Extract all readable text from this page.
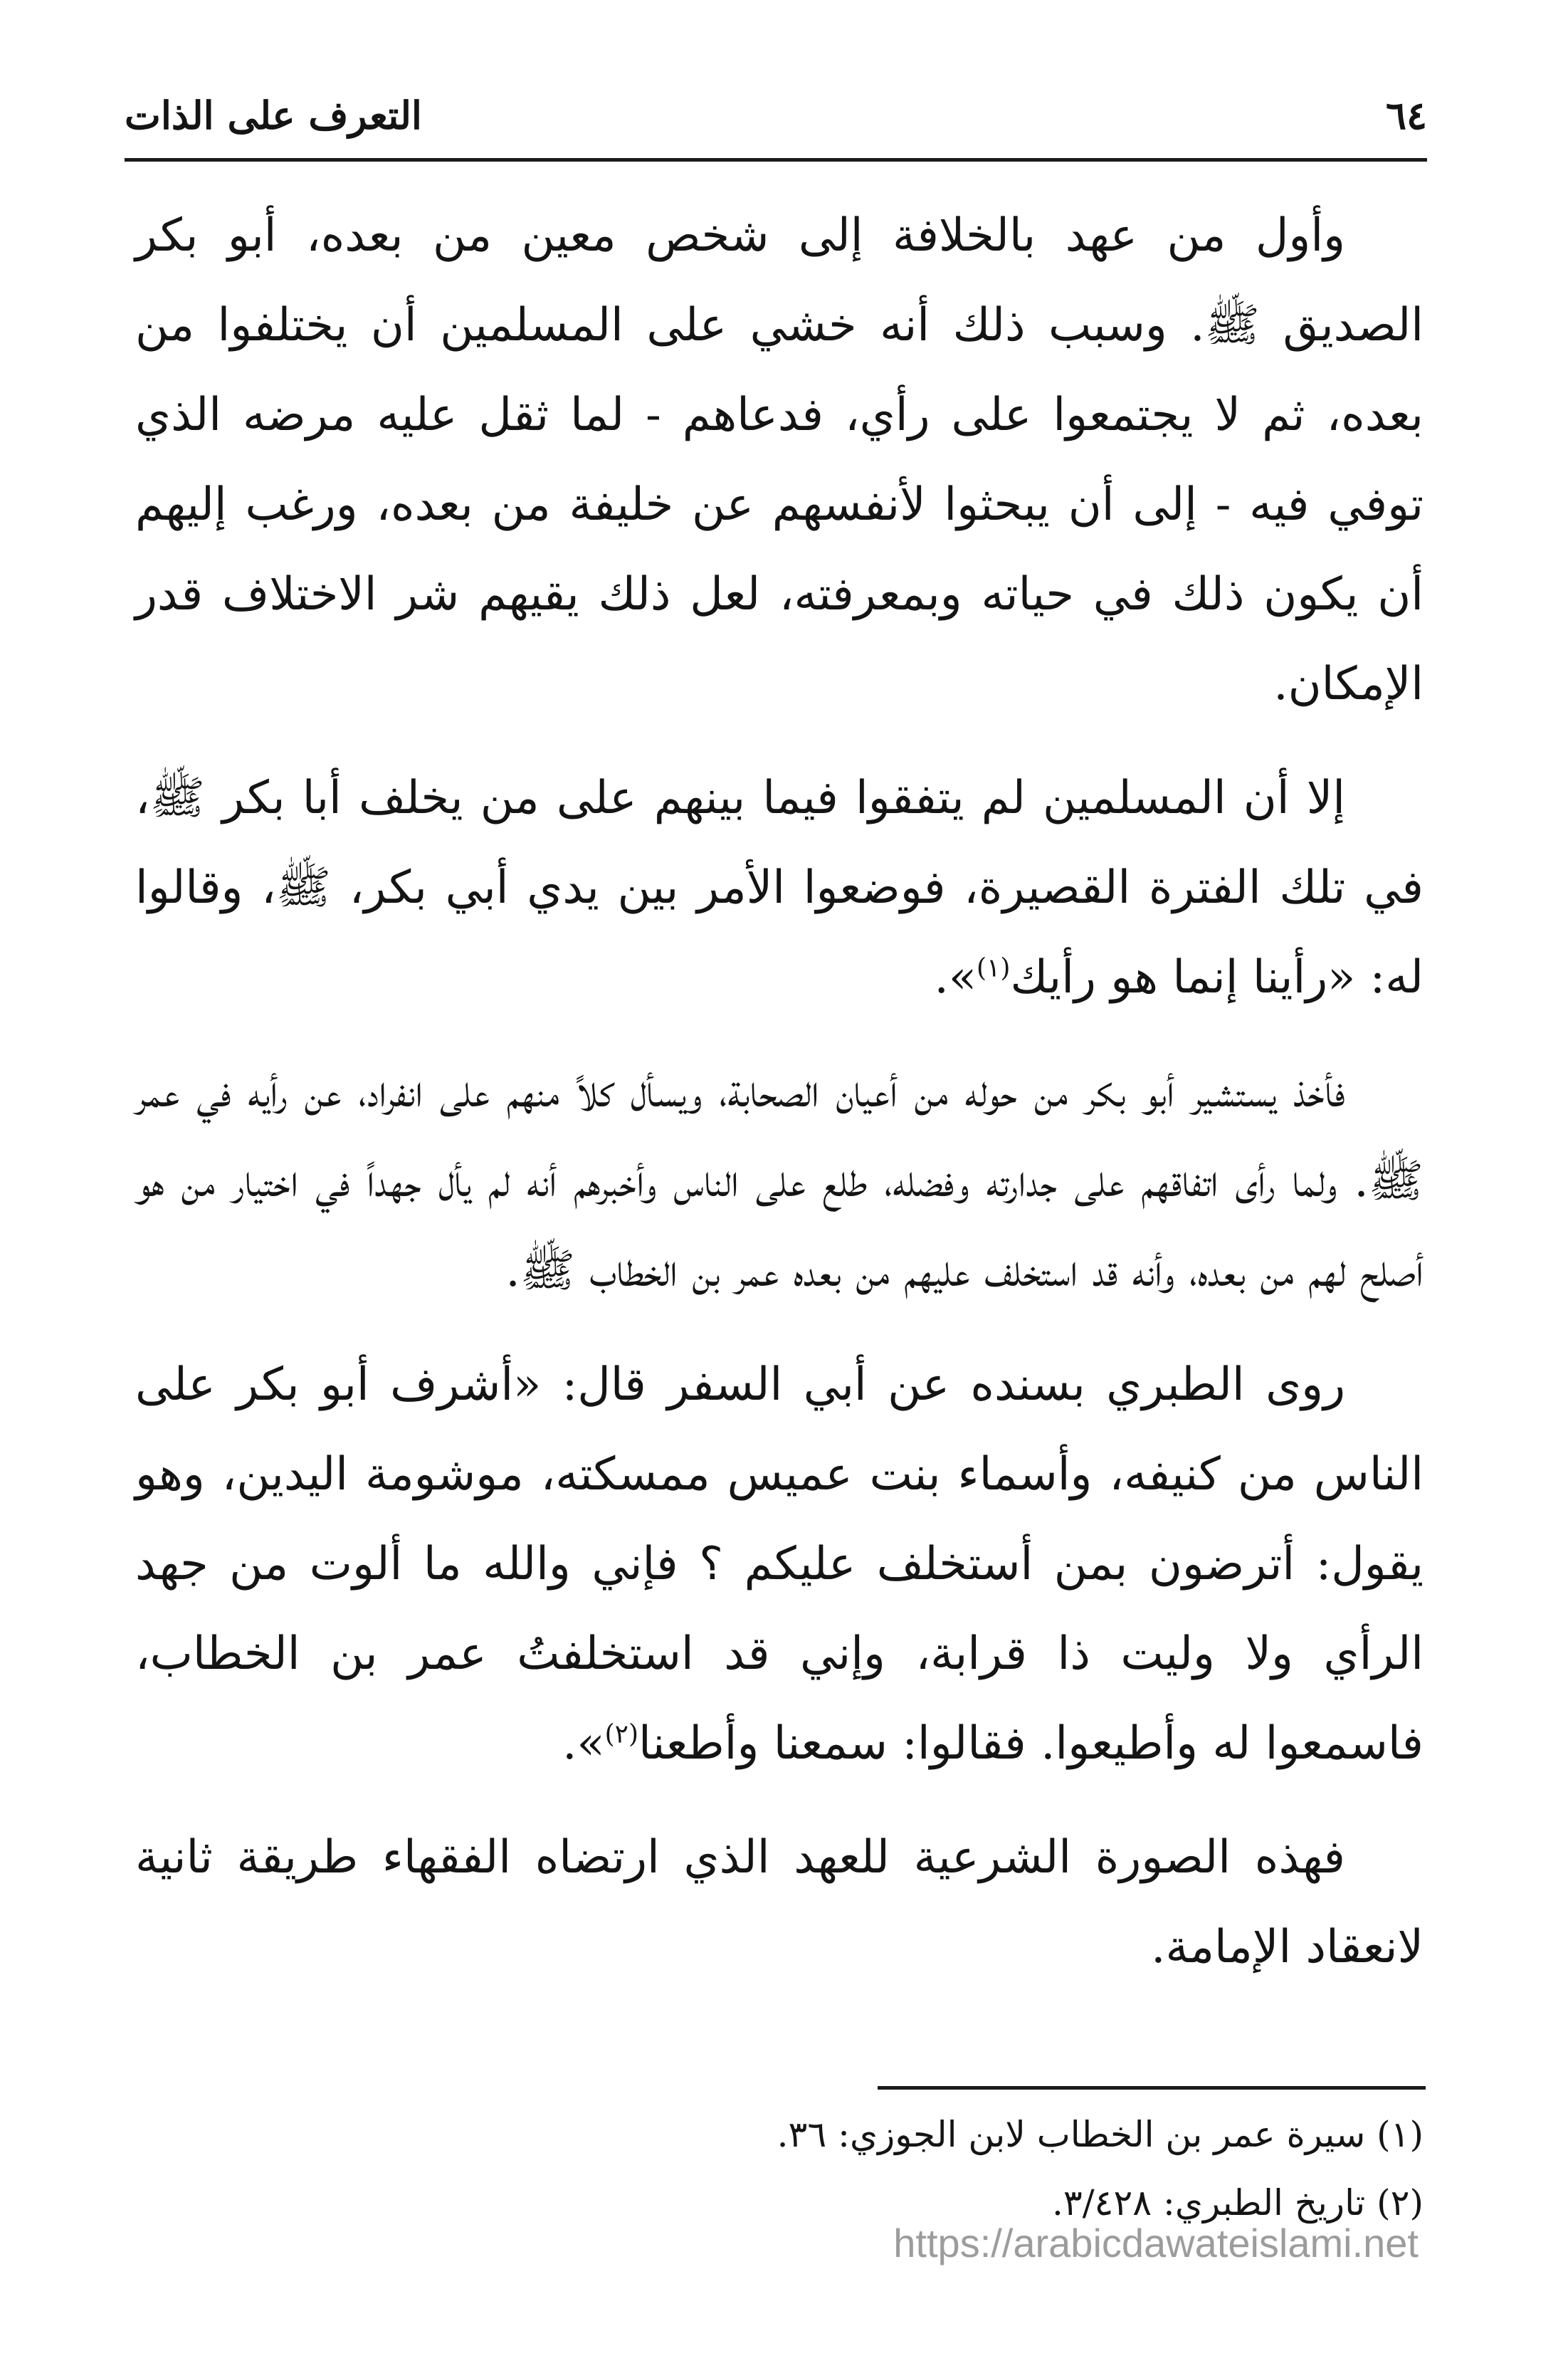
٦٤
التعرف على الذات

وأول من عهد بالخلافة إلى شخص معين من بعده، أبو بكر الصديق ﷺ. وسبب ذلك أنه خشي على المسلمين أن يختلفوا من بعده، ثم لا يجتمعوا على رأي، فدعاهم - لما ثقل عليه مرضه الذي توفي فيه - إلى أن يبحثوا لأنفسهم عن خليفة من بعده، ورغب إليهم أن يكون ذلك في حياته وبمعرفته، لعل ذلك يقيهم شر الاختلاف قدر الإمكان.

إلا أن المسلمين لم يتفقوا فيما بينهم على من يخلف أبا بكر ﷺ، في تلك الفترة القصيرة، فوضعوا الأمر بين يدي أبي بكر، ﷺ، وقالوا له: «رأينا إنما هو رأيك$^{(١)}$».

فأخذ يستشير أبو بكر من حوله من أعيان الصحابة، ويسأل كلاً منهم على انفراد، عن رأيه في عمر ﷺ. ولما رأى اتفاقهم على جدارته وفضله، طلع على الناس وأخبرهم أنه لم يأل جهداً في اختيار من هو أصلح لهم من بعده، وأنه قد استخلف عليهم من بعده عمر بن الخطاب ﷺ.

روى الطبري بسنده عن أبي السفر قال: «أشرف أبو بكر على الناس من كنيفه، وأسماء بنت عميس ممسكته، موشومة اليدين، وهو يقول: أترضون بمن أستخلف عليكم ؟ فإني والله ما ألوت من جهد الرأي ولا وليت ذا قرابة، وإني قد استخلفتُ عمر بن الخطاب، فاسمعوا له وأطيعوا. فقالوا: سمعنا وأطعنا$^{(٢)}$».

فهذه الصورة الشرعية للعهد الذي ارتضاه الفقهاء طريقة ثانية لانعقاد الإمامة.

(١) سيرة عمر بن الخطاب لابن الجوزي: ٣٦.
(٢) تاريخ الطبري: ٣/٤٢٨.
https://arabicdawateislami.net
